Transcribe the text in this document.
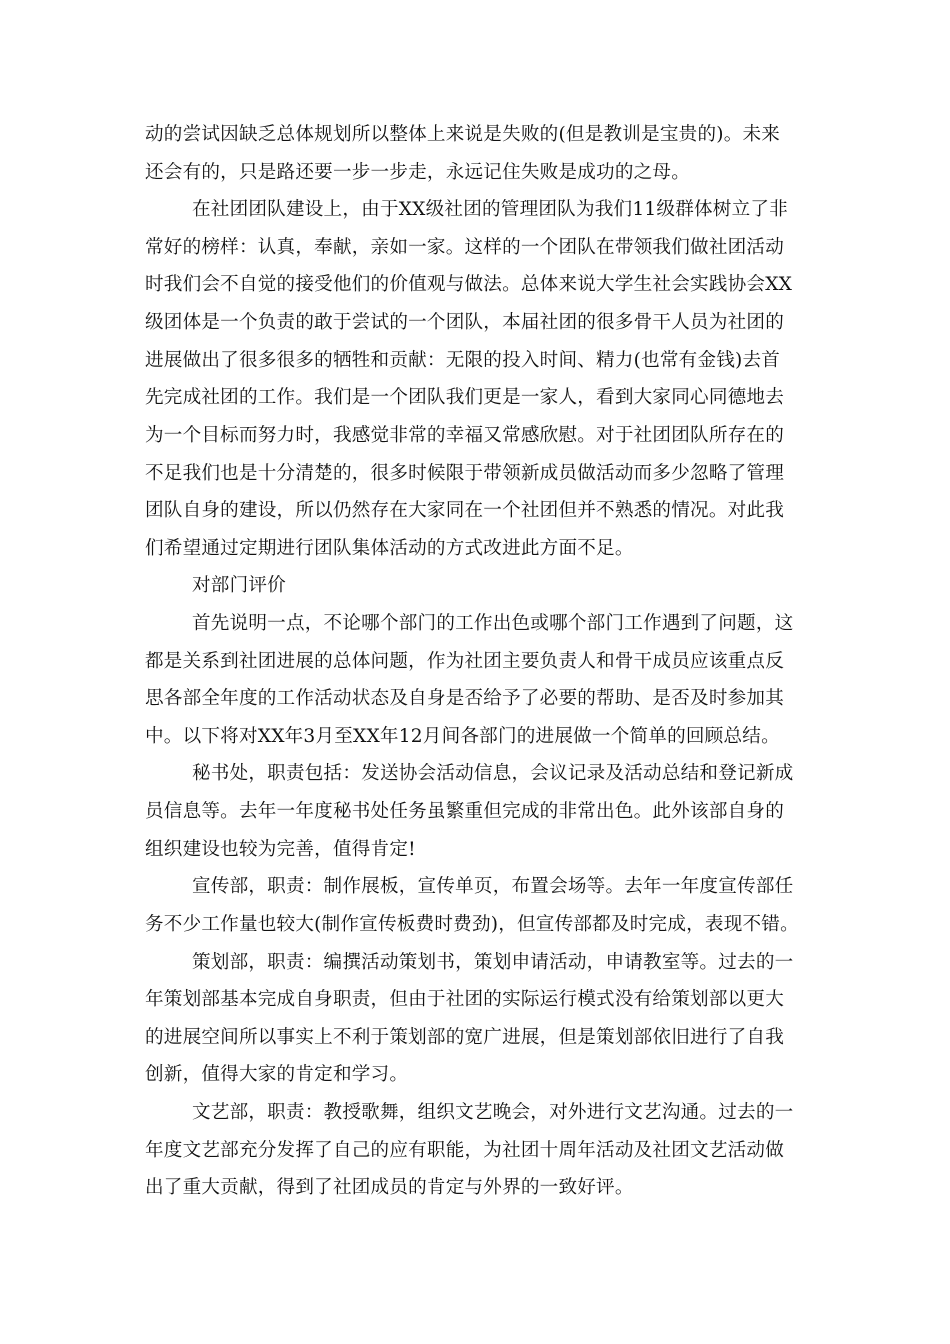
动的尝试因缺乏总体规划所以整体上来说是失败的(但是教训是宝贵的)。未来
还会有的，只是路还要一步一步走，永远记住失败是成功的之母。
在社团团队建设上，由于XX级社团的管理团队为我们11级群体树立了非
常好的榜样：认真，奉献，亲如一家。这样的一个团队在带领我们做社团活动
时我们会不自觉的接受他们的价值观与做法。总体来说大学生社会实践协会XX
级团体是一个负责的敢于尝试的一个团队，本届社团的很多骨干人员为社团的
进展做出了很多很多的牺牲和贡献：无限的投入时间、精力(也常有金钱)去首
先完成社团的工作。我们是一个团队我们更是一家人，看到大家同心同德地去
为一个目标而努力时，我感觉非常的幸福又常感欣慰。对于社团团队所存在的
不足我们也是十分清楚的，很多时候限于带领新成员做活动而多少忽略了管理
团队自身的建设，所以仍然存在大家同在一个社团但并不熟悉的情况。对此我
们希望通过定期进行团队集体活动的方式改进此方面不足。
对部门评价
首先说明一点，不论哪个部门的工作出色或哪个部门工作遇到了问题，这
都是关系到社团进展的总体问题，作为社团主要负责人和骨干成员应该重点反
思各部全年度的工作活动状态及自身是否给予了必要的帮助、是否及时参加其
中。以下将对XX年3月至XX年12月间各部门的进展做一个简单的回顾总结。
秘书处，职责包括：发送协会活动信息，会议记录及活动总结和登记新成
员信息等。去年一年度秘书处任务虽繁重但完成的非常出色。此外该部自身的
组织建设也较为完善，值得肯定!
宣传部，职责：制作展板，宣传单页，布置会场等。去年一年度宣传部任
务不少工作量也较大(制作宣传板费时费劲)，但宣传部都及时完成，表现不错。
策划部，职责：编撰活动策划书，策划申请活动，申请教室等。过去的一
年策划部基本完成自身职责，但由于社团的实际运行模式没有给策划部以更大
的进展空间所以事实上不利于策划部的宽广进展，但是策划部依旧进行了自我
创新，值得大家的肯定和学习。
文艺部，职责：教授歌舞，组织文艺晚会，对外进行文艺沟通。过去的一
年度文艺部充分发挥了自己的应有职能，为社团十周年活动及社团文艺活动做
出了重大贡献，得到了社团成员的肯定与外界的一致好评。
